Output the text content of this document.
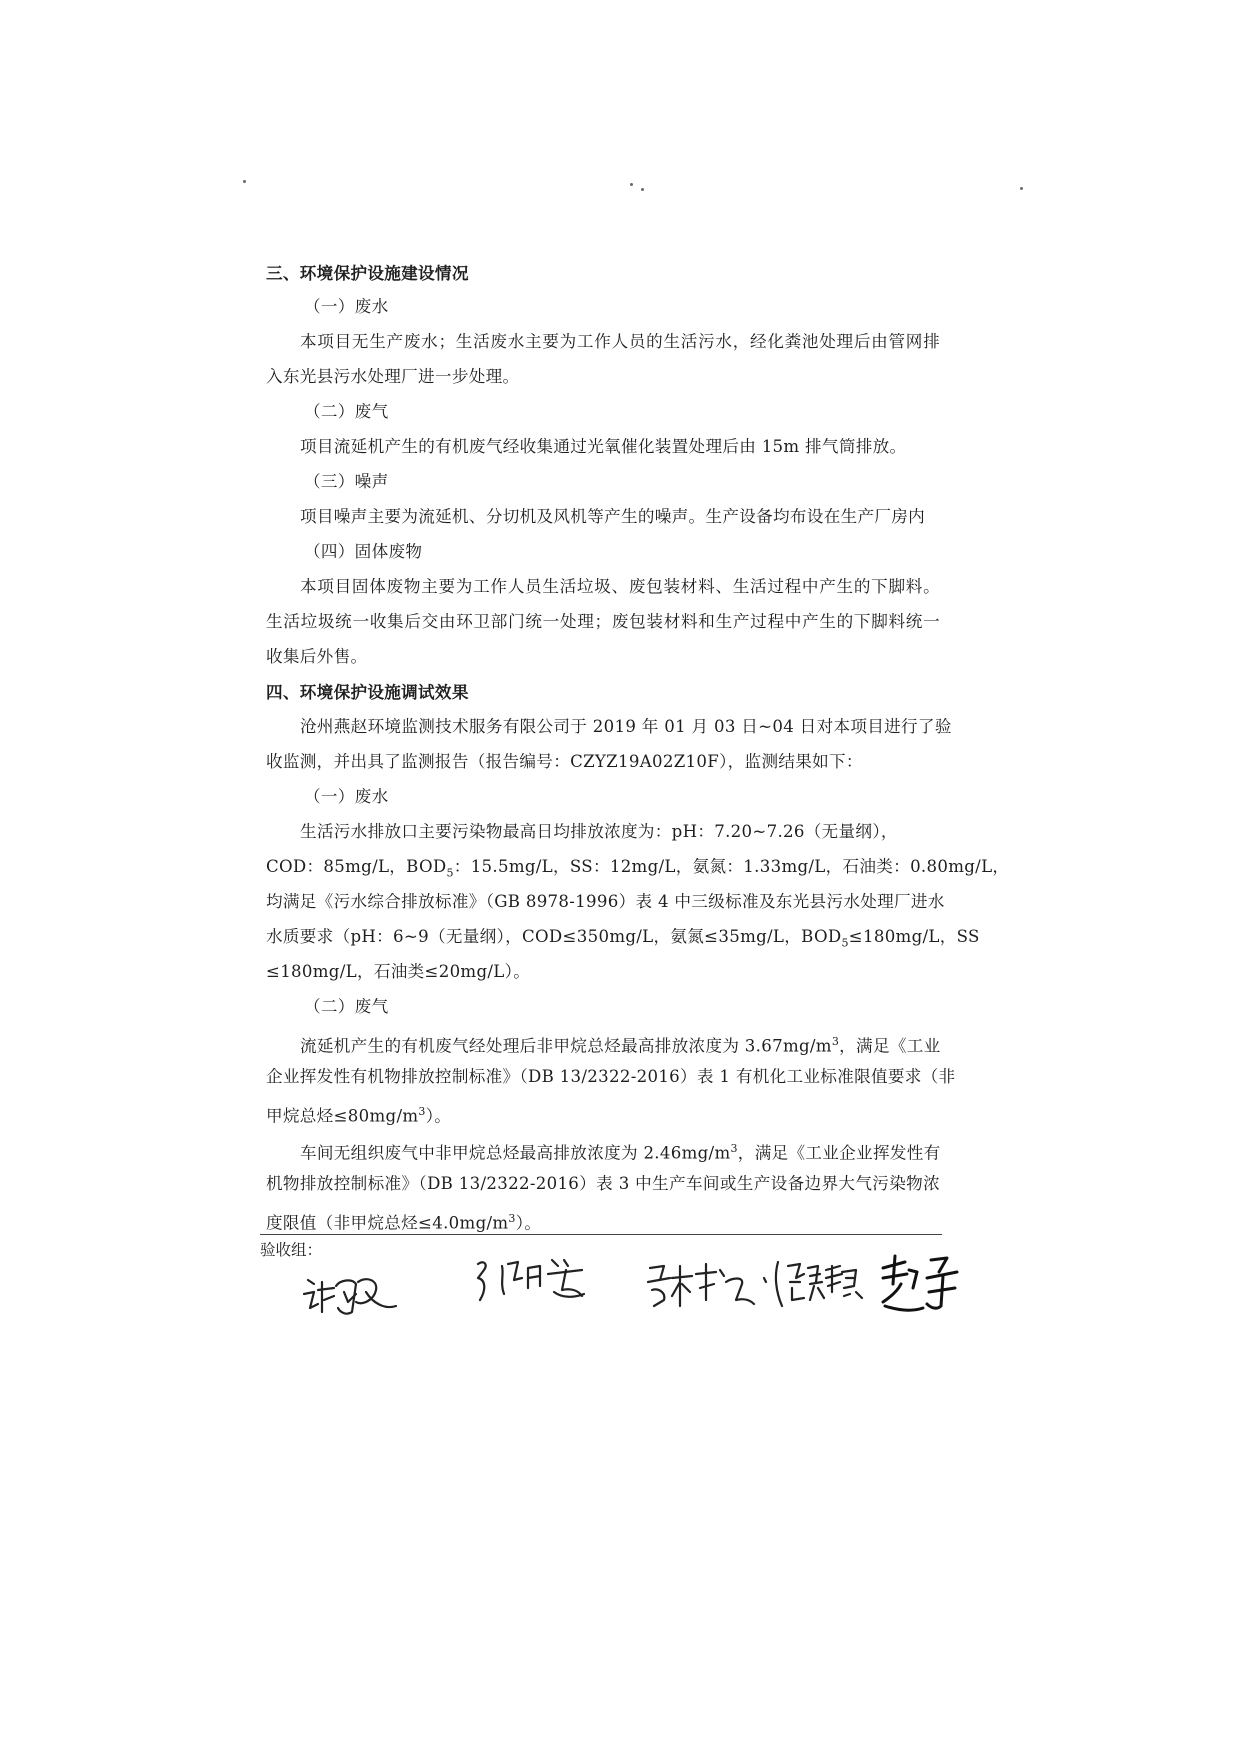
三、环境保护设施建设情况
（一）废水
本项目无生产废水；生活废水主要为工作人员的生活污水，经化粪池处理后由管网排
入东光县污水处理厂进一步处理。
（二）废气
项目流延机产生的有机废气经收集通过光氧催化装置处理后由 15m 排气筒排放。
（三）噪声
项目噪声主要为流延机、分切机及风机等产生的噪声。生产设备均布设在生产厂房内
（四）固体废物
本项目固体废物主要为工作人员生活垃圾、废包装材料、生活过程中产生的下脚料。
生活垃圾统一收集后交由环卫部门统一处理；废包装材料和生产过程中产生的下脚料统一
收集后外售。
四、环境保护设施调试效果
沧州燕赵环境监测技术服务有限公司于 2019 年 01 月 03 日~04 日对本项目进行了验
收监测，并出具了监测报告（报告编号：CZYZ19A02Z10F），监测结果如下：
（一）废水
生活污水排放口主要污染物最高日均排放浓度为：pH：7.20~7.26（无量纲），
COD：85mg/L，$BOD_5$：15.5mg/L，SS：12mg/L，氨氮：1.33mg/L，石油类：0.80mg/L，
均满足《污水综合排放标准》（GB 8978-1996）表 4 中三级标准及东光县污水处理厂进水
水质要求（pH：6~9（无量纲），COD≤350mg/L，氨氮≤35mg/L，$BOD_5\le 180mg/L$，SS
≤180mg/L，石油类≤20mg/L）。
（二）废气
流延机产生的有机废气经处理后非甲烷总烃最高排放浓度为 $3.67mg/m^3$，满足《工业
企业挥发性有机物排放控制标准》（DB 13/2322-2016）表 1 有机化工业标准限值要求（非
甲烷总烃$\le 80mg/m^3$）。
车间无组织废气中非甲烷总烃最高排放浓度为 $2.46mg/m^3$，满足《工业企业挥发性有
机物排放控制标准》（DB 13/2322-2016）表 3 中生产车间或生产设备边界大气污染物浓
度限值（非甲烷总烃$\le 4.0mg/m^3$）。
验收组：
